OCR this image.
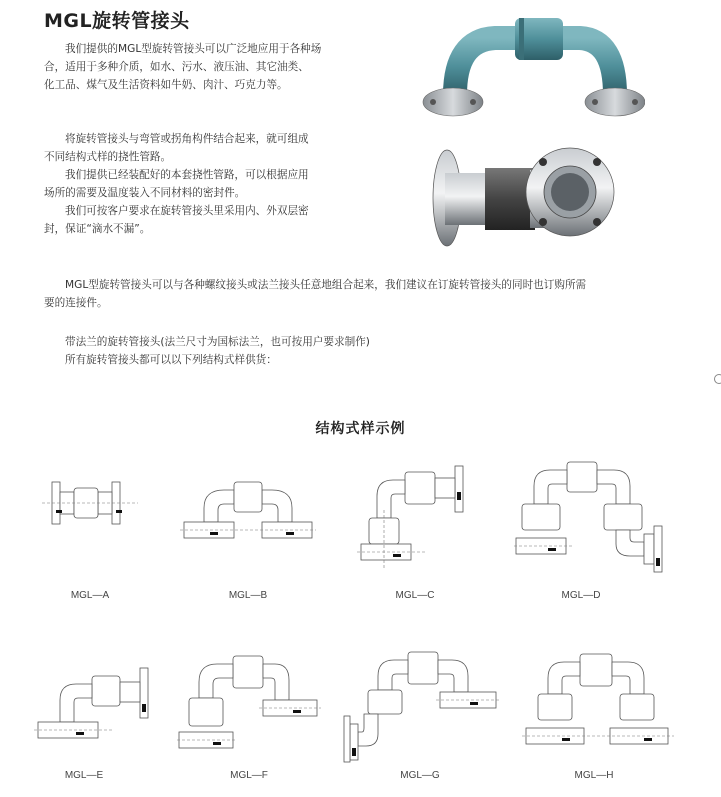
MGL旋转管接头

我们提供的MGL型旋转管接头可以广泛地应用于各种场

合，适用于多种介质，如水、污水、液压油、其它油类、

化工品、煤气及生活资料如牛奶、肉汁、巧克力等。

将旋转管接头与弯管或拐角构件结合起来，就可组成

不同结构式样的挠性管路。

我们提供已经装配好的本套挠性管路，可以根据应用

场所的需要及温度装入不同材料的密封件。

我们可按客户要求在旋转管接头里采用内、外双层密

封，保证“滴水不漏”。

MGL型旋转管接头可以与各种螺纹接头或法兰接头任意地组合起来，我们建议在订旋转管接头的同时也订购所需

要的连接件。

带法兰的旋转管接头(法兰尺寸为国标法兰，也可按用户要求制作)

所有旋转管接头都可以以下列结构式样供货：

结构式样示例
MGL—A	MGL—B	MGL—C	MGL—D
MGL—E	MGL—F	MGL—G	MGL—H
